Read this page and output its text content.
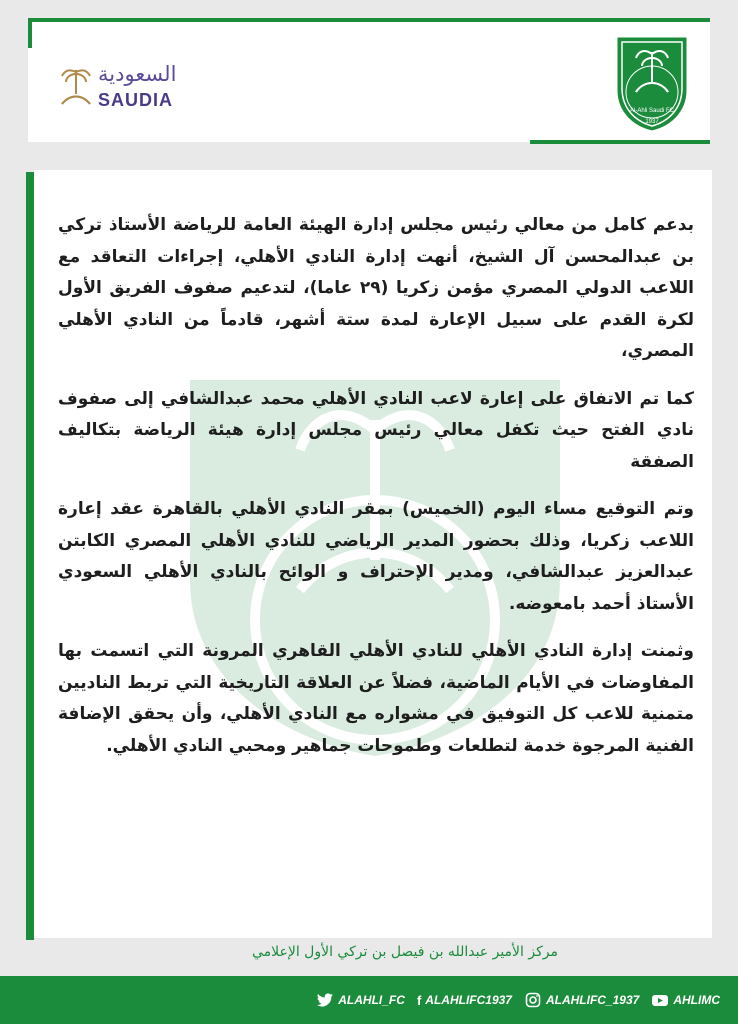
السعودية
SAUDIA
Al-Ahli Saudi FC
1937

بدعم كامل من معالي رئيس مجلس إدارة الهيئة العامة للرياضة الأستاذ تركي بن عبدالمحسن آل الشيخ، أنهت إدارة النادي الأهلي، إجراءات التعاقد مع اللاعب الدولي المصري مؤمن زكريا (٢٩ عاما)، لتدعيم صفوف الفريق الأول لكرة القدم على سبيل الإعارة لمدة ستة أشهر، قادماً من النادي الأهلي المصري،

كما تم الاتفاق على إعارة لاعب النادي الأهلي محمد عبدالشافي إلى صفوف نادي الفتح حيث تكفل معالي رئيس مجلس إدارة هيئة الرياضة بتكاليف الصفقة

وتم التوقيع مساء اليوم (الخميس) بمقر النادي الأهلي بالقاهرة عقد إعارة اللاعب زكريا، وذلك بحضور المدير الرياضي للنادي الأهلي المصري الكابتن عبدالعزيز عبدالشافي، ومدير الإحتراف و الوائح بالنادي الأهلي السعودي الأستاذ أحمد بامعوضه.

وثمنت إدارة النادي الأهلي للنادي الأهلي القاهري المرونة التي اتسمت بها المفاوضات في الأيام الماضية، فضلاً عن العلاقة التاريخية التي تربط الناديين متمنية للاعب كل التوفيق في مشواره مع النادي الأهلي، وأن يحقق الإضافة الفنية المرجوة خدمة لتطلعات وطموحات جماهير ومحبي النادي الأهلي.

مركز الأمير عبدالله بن فيصل بن تركي الأول الإعلامي
ALAHLI_FC f ALAHLIFC1937	ALAHLIFC_1937	AHLIMC
